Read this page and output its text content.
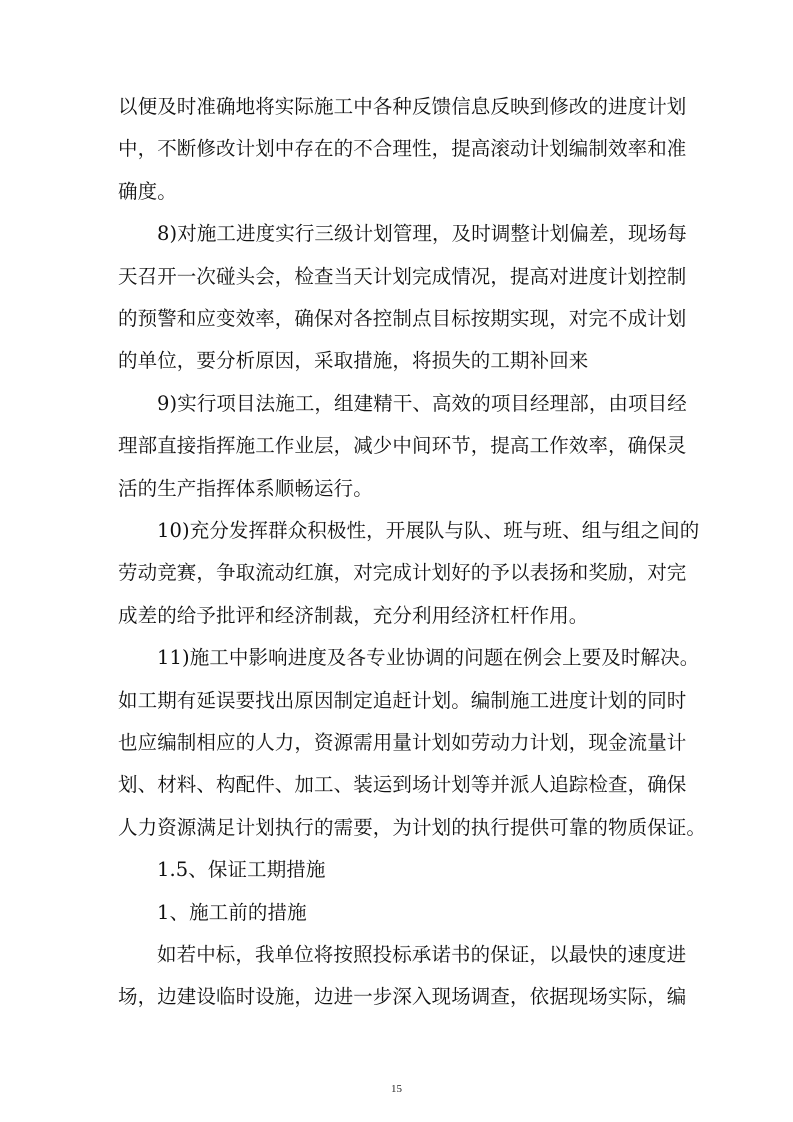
15
以便及时准确地将实际施工中各种反馈信息反映到修改的进度计划
中，不断修改计划中存在的不合理性，提高滚动计划编制效率和准
确度。
8)对施工进度实行三级计划管理，及时调整计划偏差，现场每
天召开一次碰头会，检查当天计划完成情况，提高对进度计划控制
的预警和应变效率，确保对各控制点目标按期实现，对完不成计划
的单位，要分析原因，采取措施，将损失的工期补回来
9)实行项目法施工，组建精干、高效的项目经理部，由项目经
理部直接指挥施工作业层，减少中间环节，提高工作效率，确保灵
活的生产指挥体系顺畅运行。
10)充分发挥群众积极性，开展队与队、班与班、组与组之间的
劳动竞赛，争取流动红旗，对完成计划好的予以表扬和奖励，对完
成差的给予批评和经济制裁，充分利用经济杠杆作用。
11)施工中影响进度及各专业协调的问题在例会上要及时解决。
如工期有延误要找出原因制定追赶计划。编制施工进度计划的同时
也应编制相应的人力，资源需用量计划如劳动力计划，现金流量计
划、材料、构配件、加工、装运到场计划等并派人追踪检查，确保
人力资源满足计划执行的需要，为计划的执行提供可靠的物质保证。
1.5、保证工期措施
1、施工前的措施
如若中标，我单位将按照投标承诺书的保证，以最快的速度进
场，边建设临时设施，边进一步深入现场调查，依据现场实际，编
